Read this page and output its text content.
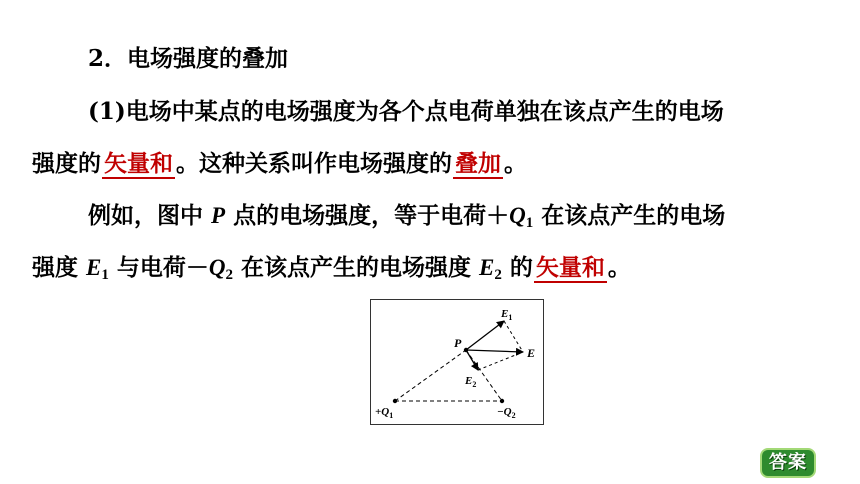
2．电场强度的叠加
(1)电场中某点的电场强度为各个点电荷单独在该点产生的电场
强度的 矢量和 。这种关系叫作电场强度的 叠加 。
例如，图中 P 点的电场强度，等于电荷$+Q_1$ 在该点产生的电场
强度 $E_1$ 与电荷$-Q_2$ 在该点产生的电场强度 $E_2$ 的 矢量和 。
P
$E_1$
E
$E_2$
$+Q_1$	$-Q_2$
答案
